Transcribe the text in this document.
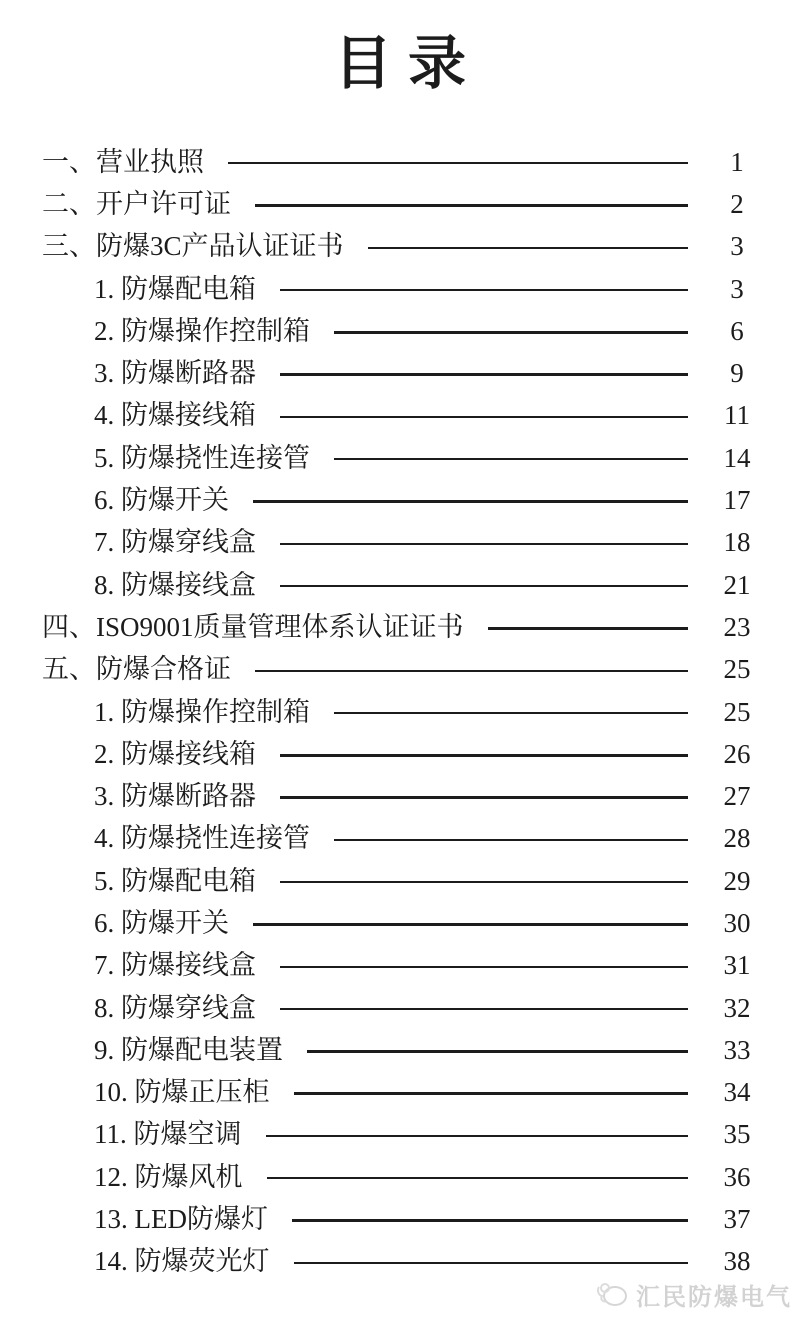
目录
一、营业执照	1
二、开户许可证	2
三、防爆3C产品认证证书	3
1. 防爆配电箱	3
2. 防爆操作控制箱	6
3. 防爆断路器	9
4. 防爆接线箱	11
5. 防爆挠性连接管	14
6. 防爆开关	17
7. 防爆穿线盒	18
8. 防爆接线盒	21
四、ISO9001质量管理体系认证证书	23
五、防爆合格证	25
1. 防爆操作控制箱	25
2. 防爆接线箱	26
3. 防爆断路器	27
4. 防爆挠性连接管	28
5. 防爆配电箱	29
6. 防爆开关	30
7. 防爆接线盒	31
8. 防爆穿线盒	32
9. 防爆配电装置	33
10. 防爆正压柜	34
11. 防爆空调	35
12. 防爆风机	36
13. LED防爆灯	37
14. 防爆荧光灯	38
汇民防爆电气
